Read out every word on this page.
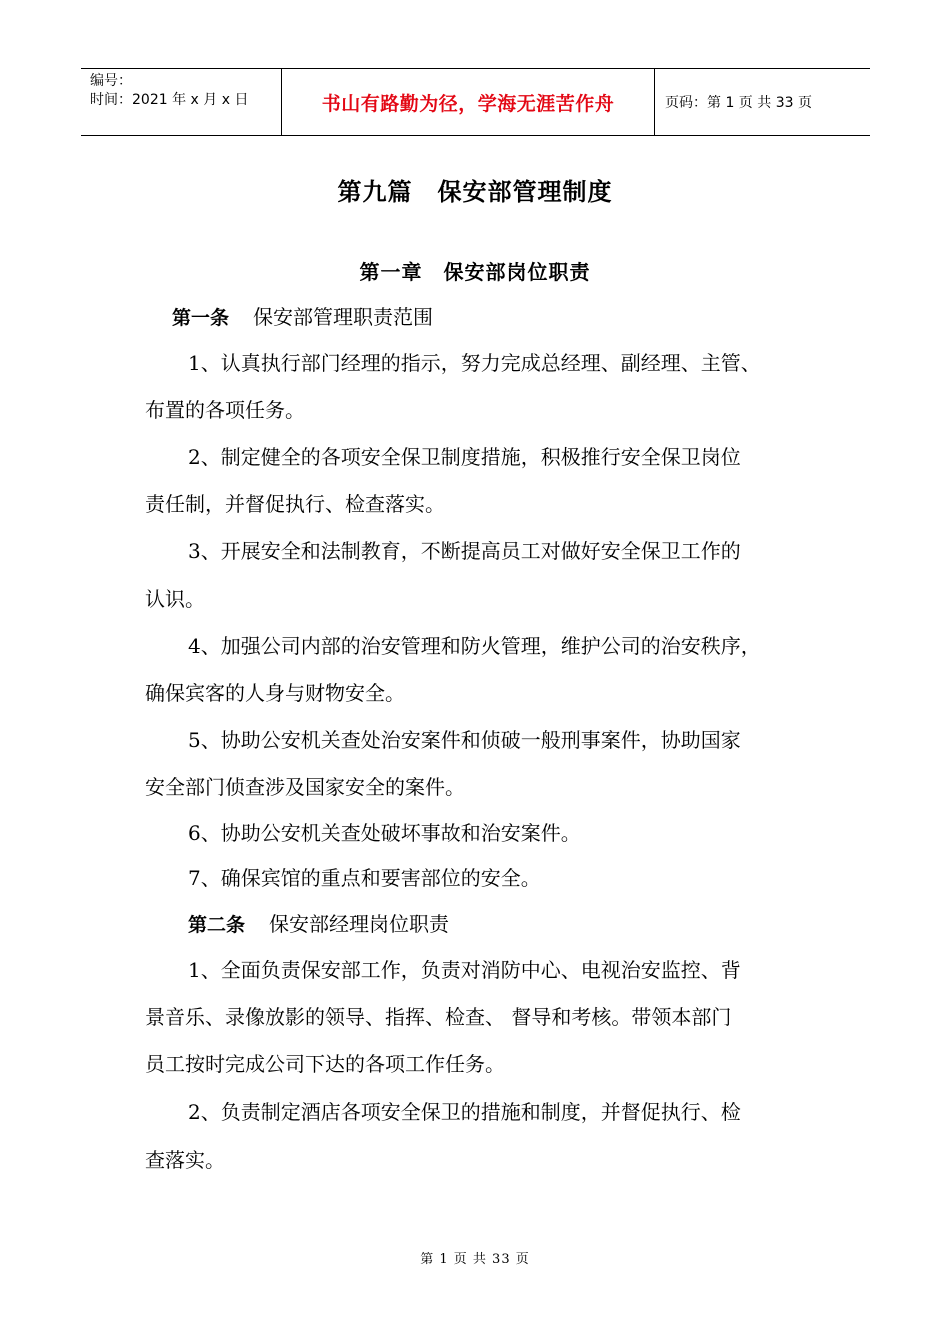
编号：
时间：2021 年 x 月 x 日	书山有路勤为径，学海无涯苦作舟	页码：第 1 页 共 33 页
第九篇　保安部管理制度
第一章　保安部岗位职责
第一条 保安部管理职责范围
1、认真执行部门经理的指示，努力完成总经理、副经理、主管、
布置的各项任务。
2、制定健全的各项安全保卫制度措施，积极推行安全保卫岗位
责任制，并督促执行、检查落实。
3、开展安全和法制教育，不断提高员工对做好安全保卫工作的
认识。
4、加强公司内部的治安管理和防火管理，维护公司的治安秩序，
确保宾客的人身与财物安全。
5、协助公安机关查处治安案件和侦破一般刑事案件，协助国家
安全部门侦查涉及国家安全的案件。
6、协助公安机关查处破坏事故和治安案件。
7、确保宾馆的重点和要害部位的安全。
第二条 保安部经理岗位职责
1、全面负责保安部工作，负责对消防中心、电视治安监控、背
景音乐、录像放影的领导、指挥、检查、 督导和考核。带领本部门
员工按时完成公司下达的各项工作任务。
2、负责制定酒店各项安全保卫的措施和制度，并督促执行、检
查落实。
第 1 页 共 33 页
